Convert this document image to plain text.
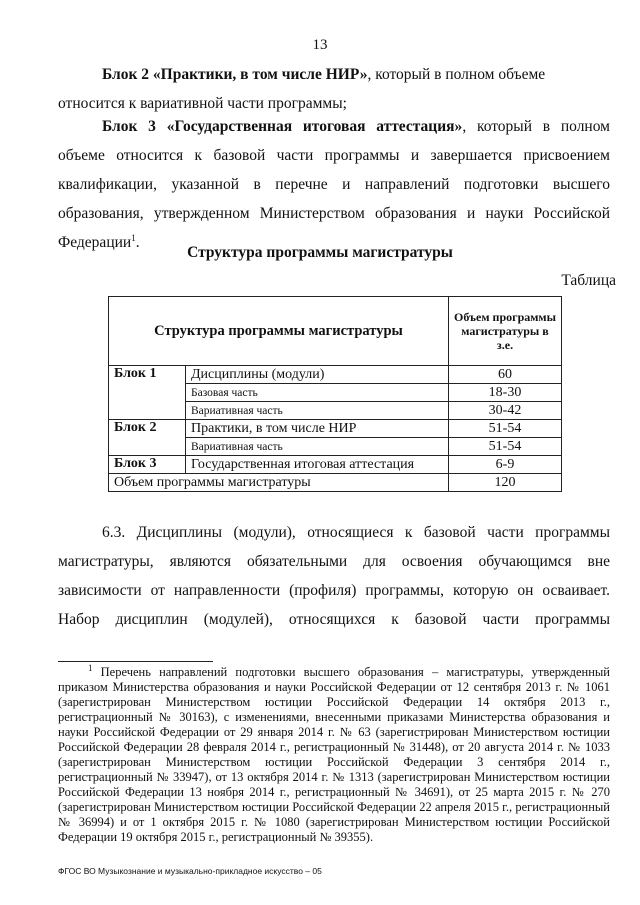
13

Блок 2 «Практики, в том числе НИР», который в полном объеме относится к вариативной части программы;

Блок 3 «Государственная итоговая аттестация», который в полном объеме относится к базовой части программы и завершается присвоением квалификации, указанной в перечне и направлений подготовки высшего образования, утвержденном Министерством образования и науки Российской Федерации$^1$.

Структура программы магистратуры
Таблица
Структура программы магистратуры		Объем программы магистратуры в з.е.
Блок 1	Дисциплины (модули)	60
	Базовая часть	18-30
	Вариативная часть	30-42
Блок 2	Практики, в том числе НИР	51-54
	Вариативная часть	51-54
Блок 3	Государственная итоговая аттестация	6-9
Объем программы магистратуры		120

6.3. Дисциплины (модули), относящиеся к базовой части программы магистратуры, являются обязательными для освоения обучающимся вне зависимости от направленности (профиля) программы, которую он осваивает. Набор дисциплин (модулей), относящихся к базовой части программы

$^1$ Перечень направлений подготовки высшего образования – магистратуры, утвержденный приказом Министерства образования и науки Российской Федерации от 12 сентября 2013 г. № 1061 (зарегистрирован Министерством юстиции Российской Федерации 14 октября 2013 г., регистрационный № 30163), с изменениями, внесенными приказами Министерства образования и науки Российской Федерации от 29 января 2014 г. № 63 (зарегистрирован Министерством юстиции Российской Федерации 28 февраля 2014 г., регистрационный № 31448), от 20 августа 2014 г. № 1033 (зарегистрирован Министерством юстиции Российской Федерации 3 сентября 2014 г., регистрационный № 33947), от 13 октября 2014 г. № 1313 (зарегистрирован Министерством юстиции Российской Федерации 13 ноября 2014 г., регистрационный № 34691), от 25 марта 2015 г. № 270 (зарегистрирован Министерством юстиции Российской Федерации 22 апреля 2015 г., регистрационный № 36994) и от 1 октября 2015 г. № 1080 (зарегистрирован Министерством юстиции Российской Федерации 19 октября 2015 г., регистрационный № 39355).

ФГОС ВО Музыкознание и музыкально-прикладное искусство – 05
